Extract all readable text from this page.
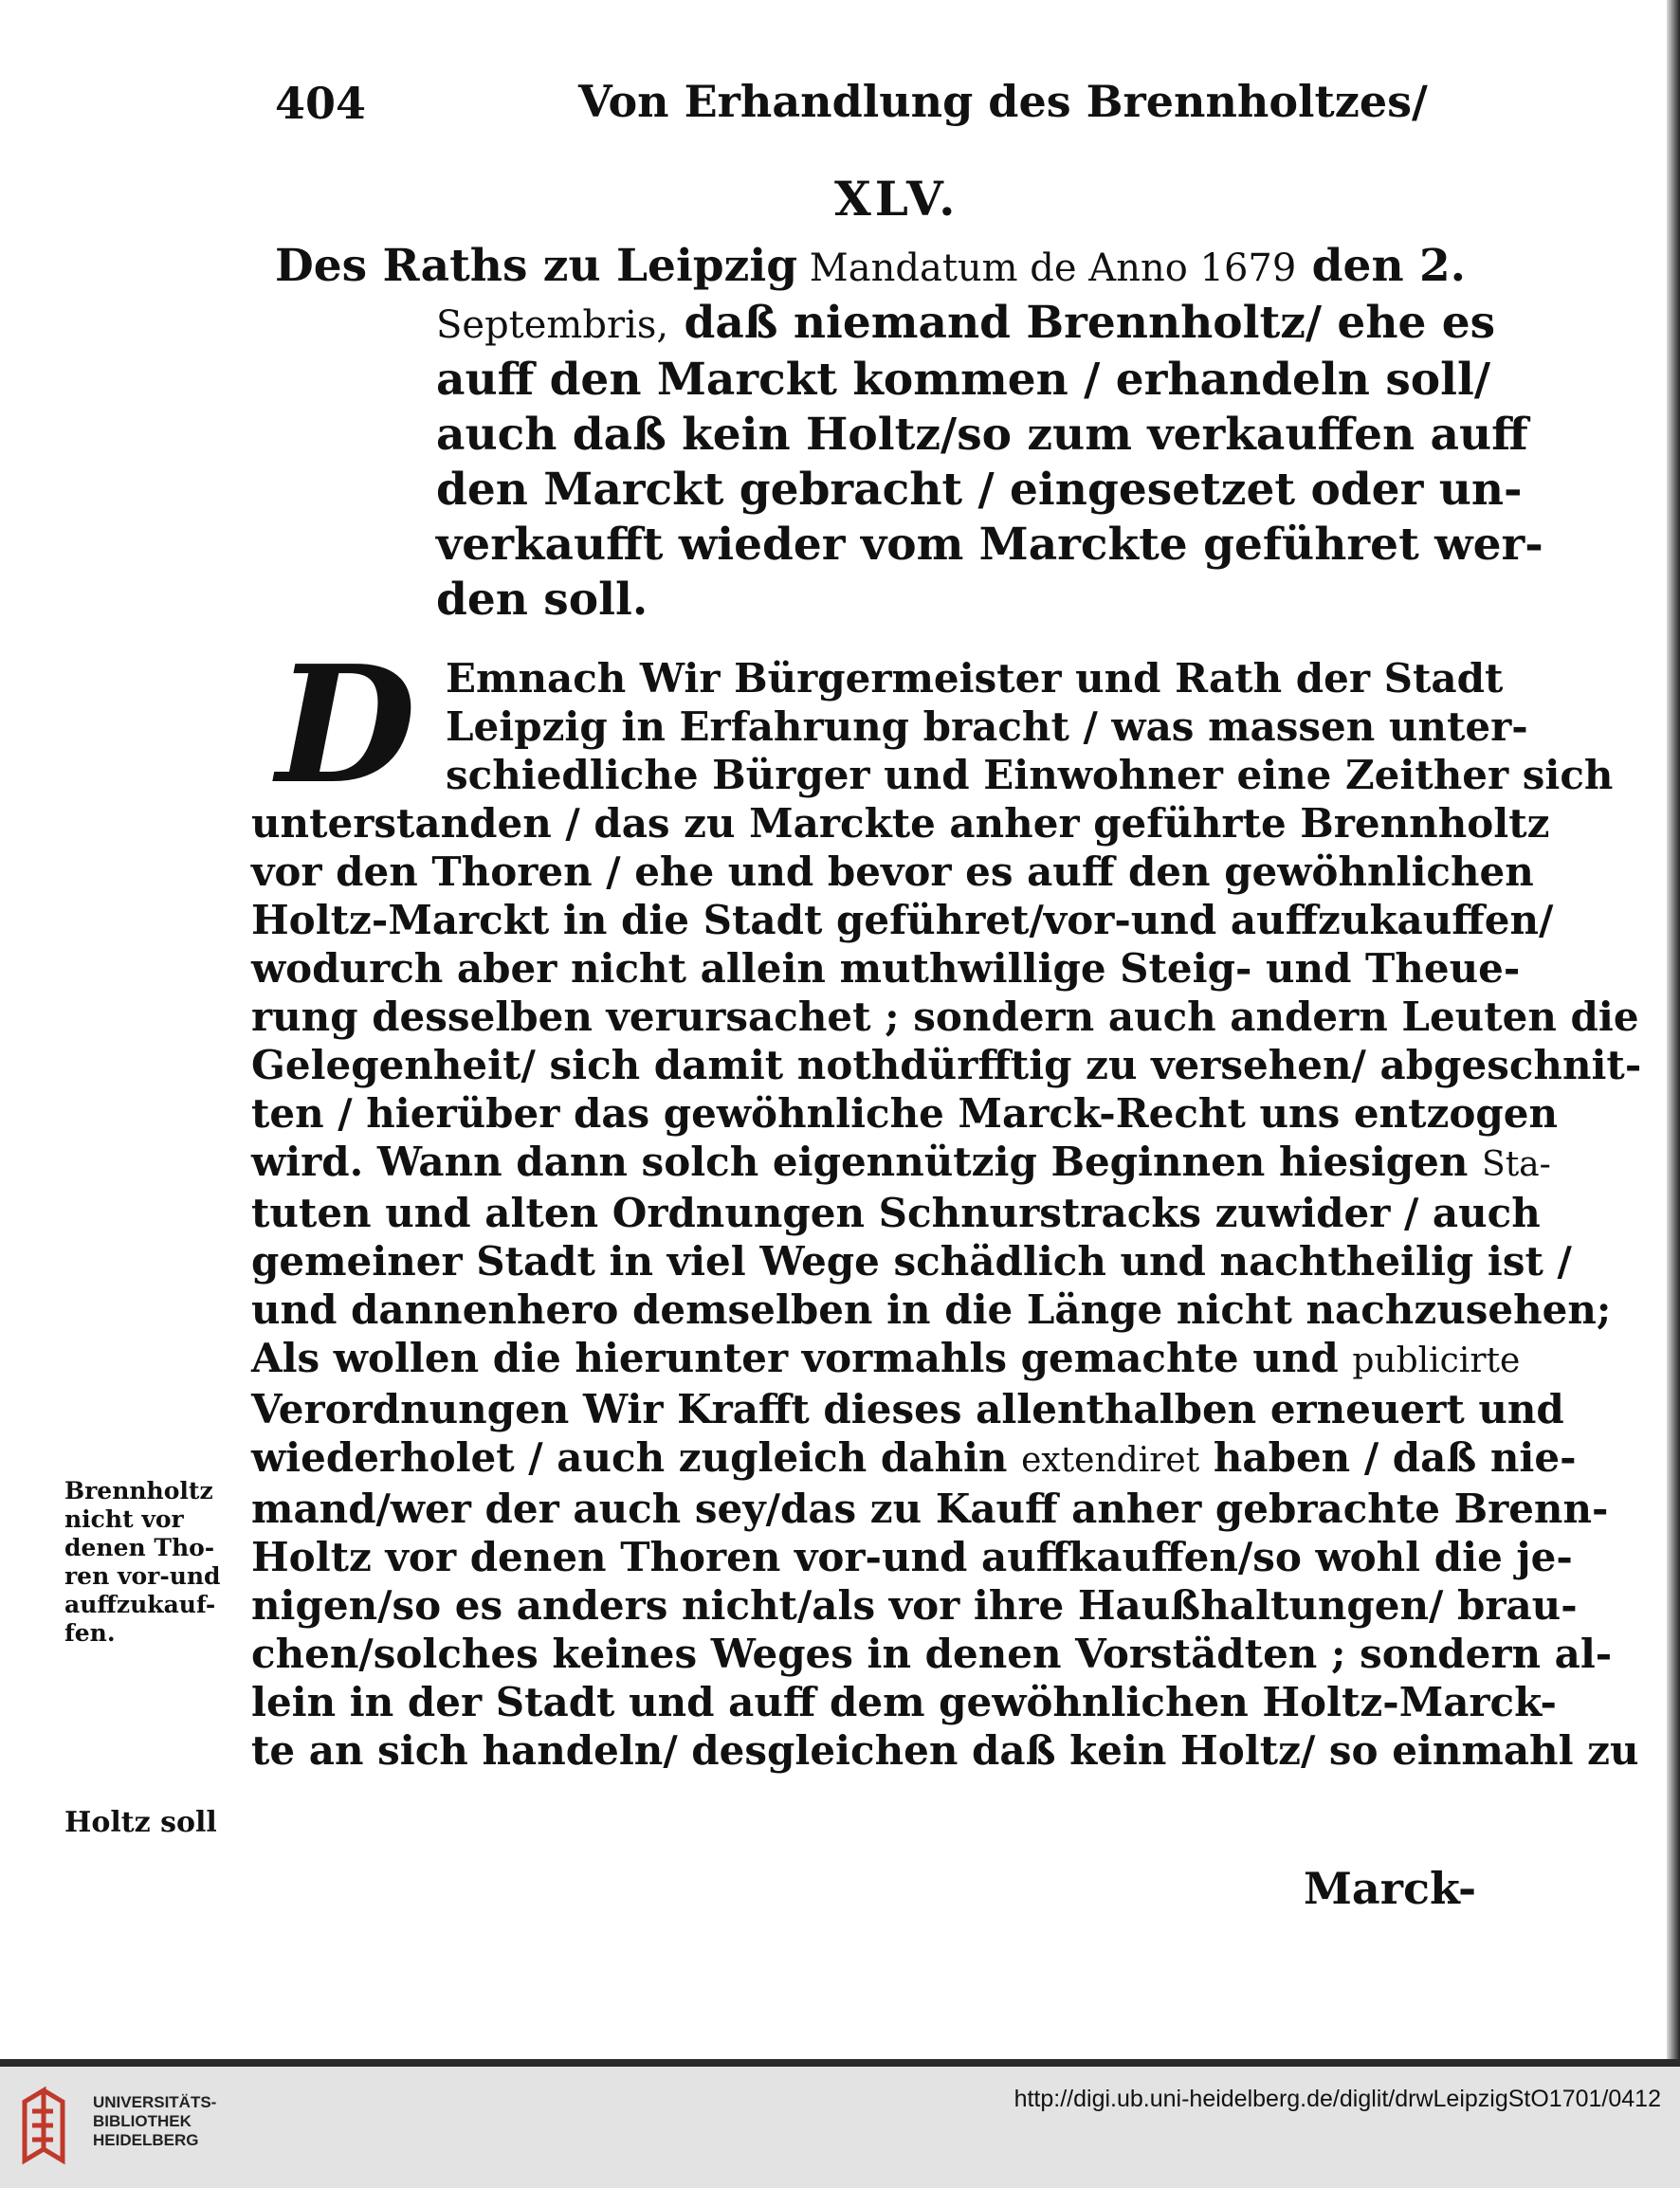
404	Von Erhandlung des Brennholtzes/
XLV.
Des Raths zu Leipzig Mandatum de Anno 1679 den 2.
Septembris, daß niemand Brennholtz/ ehe es
auff den Marckt kommen / erhandeln soll/
auch daß kein Holtz/so zum verkauffen auff
den Marckt gebracht / eingesetzet oder un-
verkaufft wieder vom Marckte geführet wer-
den soll.
D Emnach Wir Bürgermeister und Rath der Stadt
Leipzig in Erfahrung bracht / was massen unter-
schiedliche Bürger und Einwohner eine Zeither sich
unterstanden / das zu Marckte anher geführte Brennholtz
vor den Thoren / ehe und bevor es auff den gewöhnlichen
Holtz-Marckt in die Stadt geführet/vor-und auffzukauffen/
wodurch aber nicht allein muthwillige Steig- und Theue-
rung desselben verursachet ; sondern auch andern Leuten die
Gelegenheit/ sich damit nothdürfftig zu versehen/ abgeschnit-
ten / hierüber das gewöhnliche Marck-Recht uns entzogen
wird. Wann dann solch eigennützig Beginnen hiesigen Sta-
tuten und alten Ordnungen Schnurstracks zuwider / auch
gemeiner Stadt in viel Wege schädlich und nachtheilig ist /
und dannenhero demselben in die Länge nicht nachzusehen;
Als wollen die hierunter vormahls gemachte und publicirte
Verordnungen Wir Krafft dieses allenthalben erneuert und
wiederholet / auch zugleich dahin extendiret haben / daß nie-
mand/wer der auch sey/das zu Kauff anher gebrachte Brenn-
Holtz vor denen Thoren vor-und auffkauffen/so wohl die je-
nigen/so es anders nicht/als vor ihre Haußhaltungen/ brau-
chen/solches keines Weges in denen Vorstädten ; sondern al-
lein in der Stadt und auff dem gewöhnlichen Holtz-Marck-
te an sich handeln/ desgleichen daß kein Holtz/ so einmahl zu
Brennholtz
nicht vor
denen Tho-
ren vor-und
auffzukauf-
fen.
Holtz soll
Marck-
UNIVERSITÄTS-
BIBLIOTHEK
HEIDELBERG
http://digi.ub.uni-heidelberg.de/diglit/drwLeipzigStO1701/0412
